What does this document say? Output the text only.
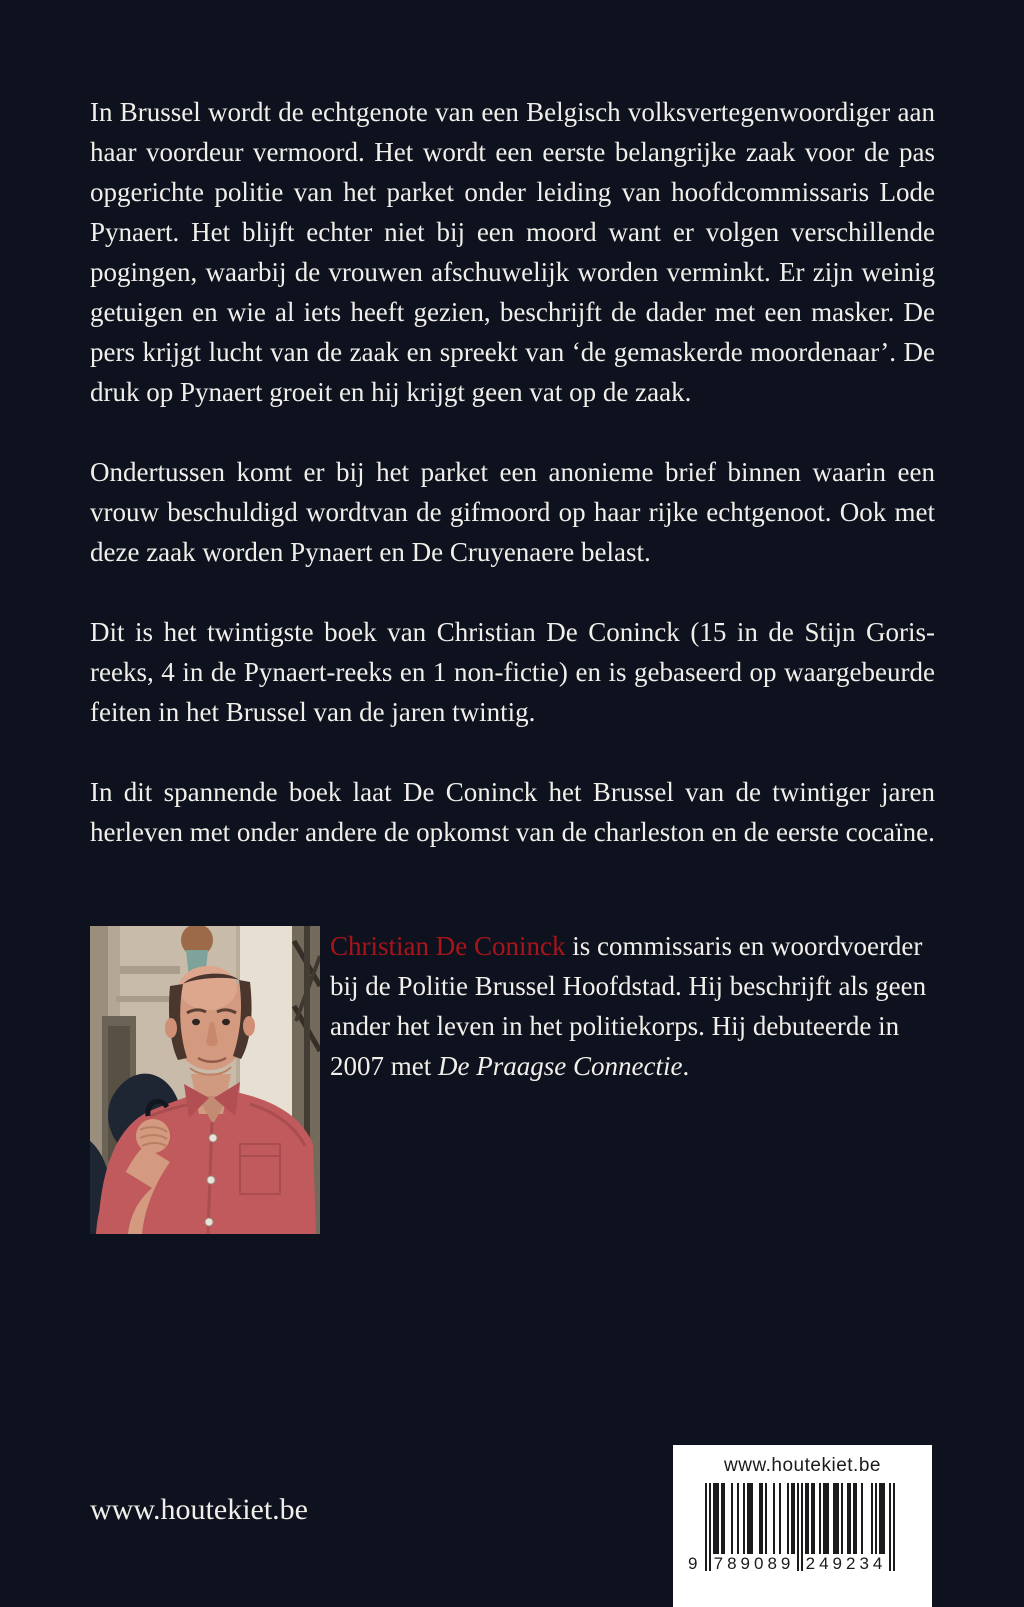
In Brussel wordt de echtgenote van een Belgisch volksvertegenwoordiger aan haar voordeur vermoord. Het wordt een eerste belangrijke zaak voor de pas opgerichte politie van het parket onder leiding van hoofdcommissaris Lode Pynaert. Het blijft echter niet bij een moord want er volgen verschillende pogingen, waarbij de vrouwen afschuwelijk worden verminkt. Er zijn weinig getuigen en wie al iets heeft gezien, beschrijft de dader met een masker. De pers krijgt lucht van de zaak en spreekt van ‘de gemaskerde moordenaar’. De druk op Pynaert groeit en hij krijgt geen vat op de zaak.

Ondertussen komt er bij het parket een anonieme brief binnen waarin een vrouw beschuldigd wordtvan de gifmoord op haar rijke echtgenoot. Ook met deze zaak worden Pynaert en De Cruyenaere belast.

Dit is het twintigste boek van Christian De Coninck (15 in de Stijn Goris-reeks, 4 in de Pynaert-reeks en 1 non-fictie) en is gebaseerd op waargebeurde feiten in het Brussel van de jaren twintig.

In dit spannende boek laat De Coninck het Brussel van de twintiger jaren herleven met onder andere de opkomst van de charleston en de eerste cocaïne.

Christian De Coninck is commissaris en woordvoerder bij de Politie Brussel Hoofdstad. Hij beschrijft als geen ander het leven in het politiekorps. Hij debuteerde in 2007 met De Praagse Connectie.
www.houtekiet.be
www.houtekiet.be
9 789089 249234
